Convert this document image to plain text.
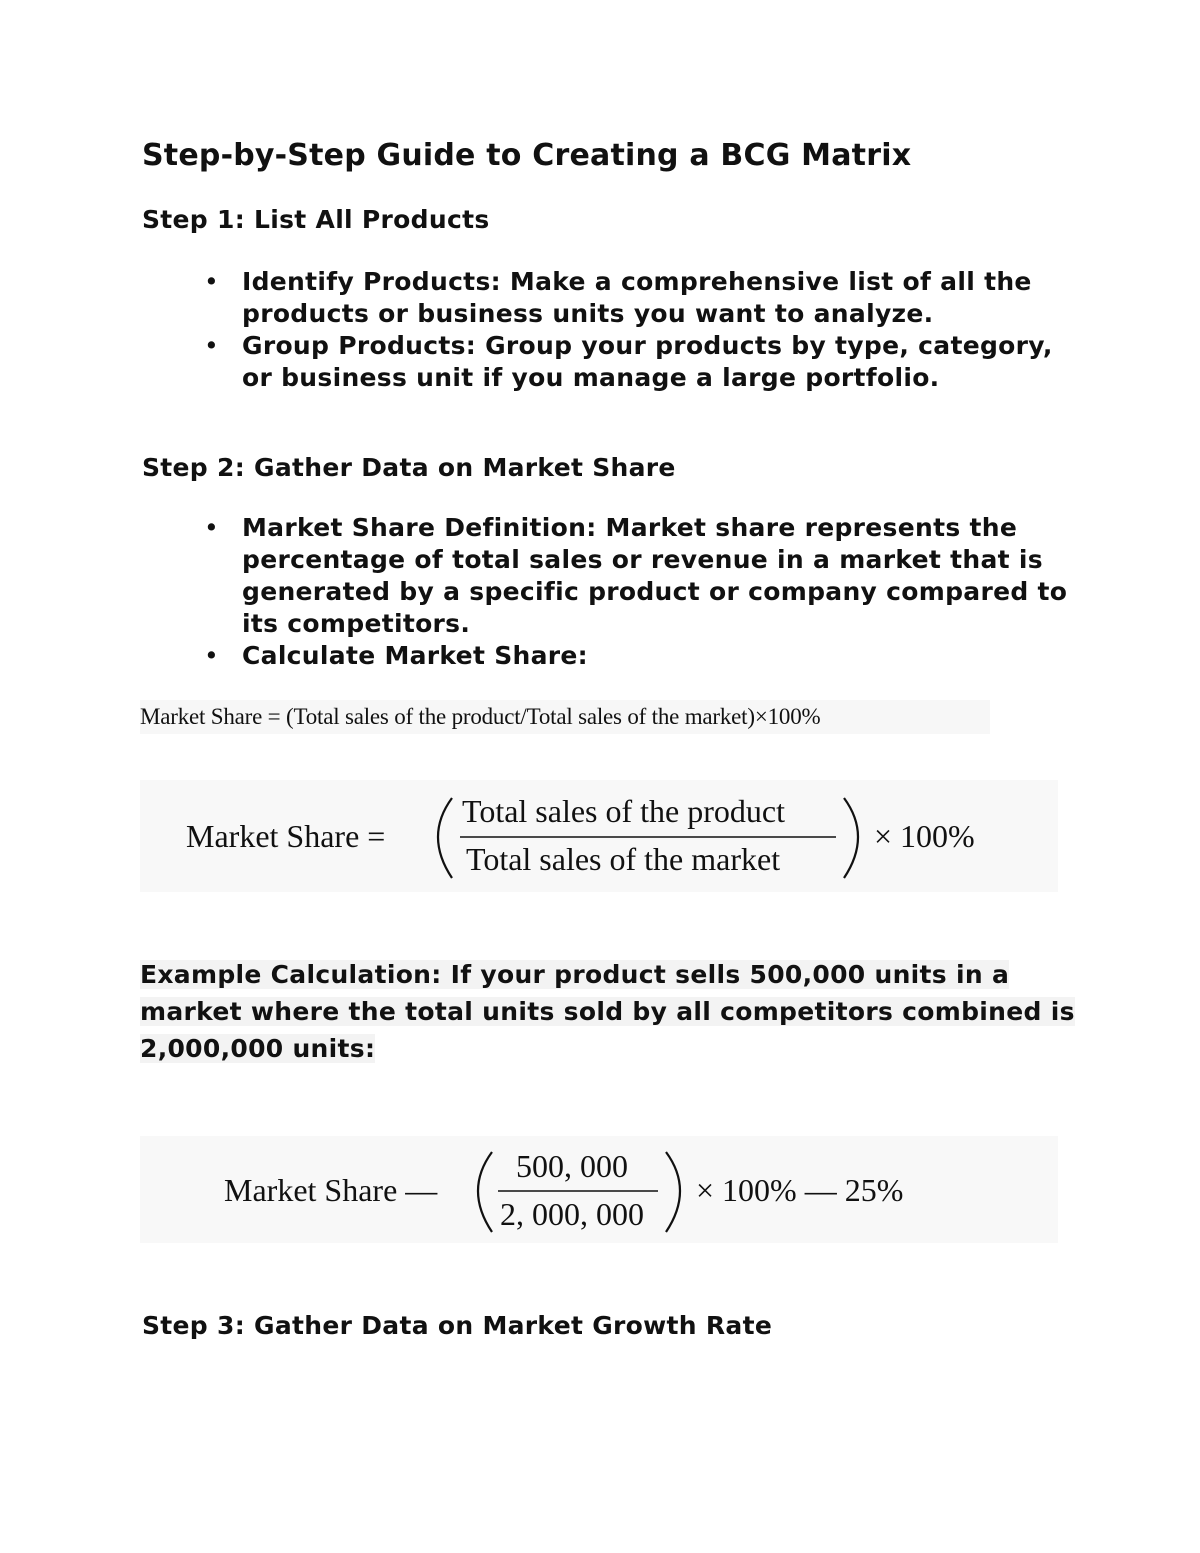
Step-by-Step Guide to Creating a BCG Matrix
Step 1: List All Products
• Identify Products: Make a comprehensive list of all the products or business units you want to analyze.
• Group Products: Group your products by type, category, or business unit if you manage a large portfolio.
Step 2: Gather Data on Market Share
• Market Share Definition: Market share represents the percentage of total sales or revenue in a market that is generated by a specific product or company compared to its competitors.
• Calculate Market Share:
Market Share = (Total sales of the product/Total sales of the market)×100%
Market Share =
Total sales of the product
Total sales of the market
× 100%
Example Calculation: If your product sells 500,000 units in a market where the total units sold by all competitors combined is 2,000,000 units:
Market Share —
500, 000
2, 000, 000
× 100% — 25%
Step 3: Gather Data on Market Growth Rate
